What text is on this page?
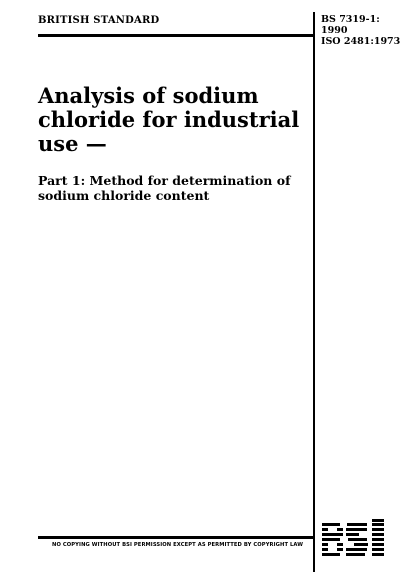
BRITISH STANDARD	BS 7319-1:
1990
ISO 2481:1973
Analysis of sodium
chloride for industrial
use —
Part 1: Method for determination of
sodium chloride content
NO COPYING WITHOUT BSI PERMISSION EXCEPT AS PERMITTED BY COPYRIGHT LAW
